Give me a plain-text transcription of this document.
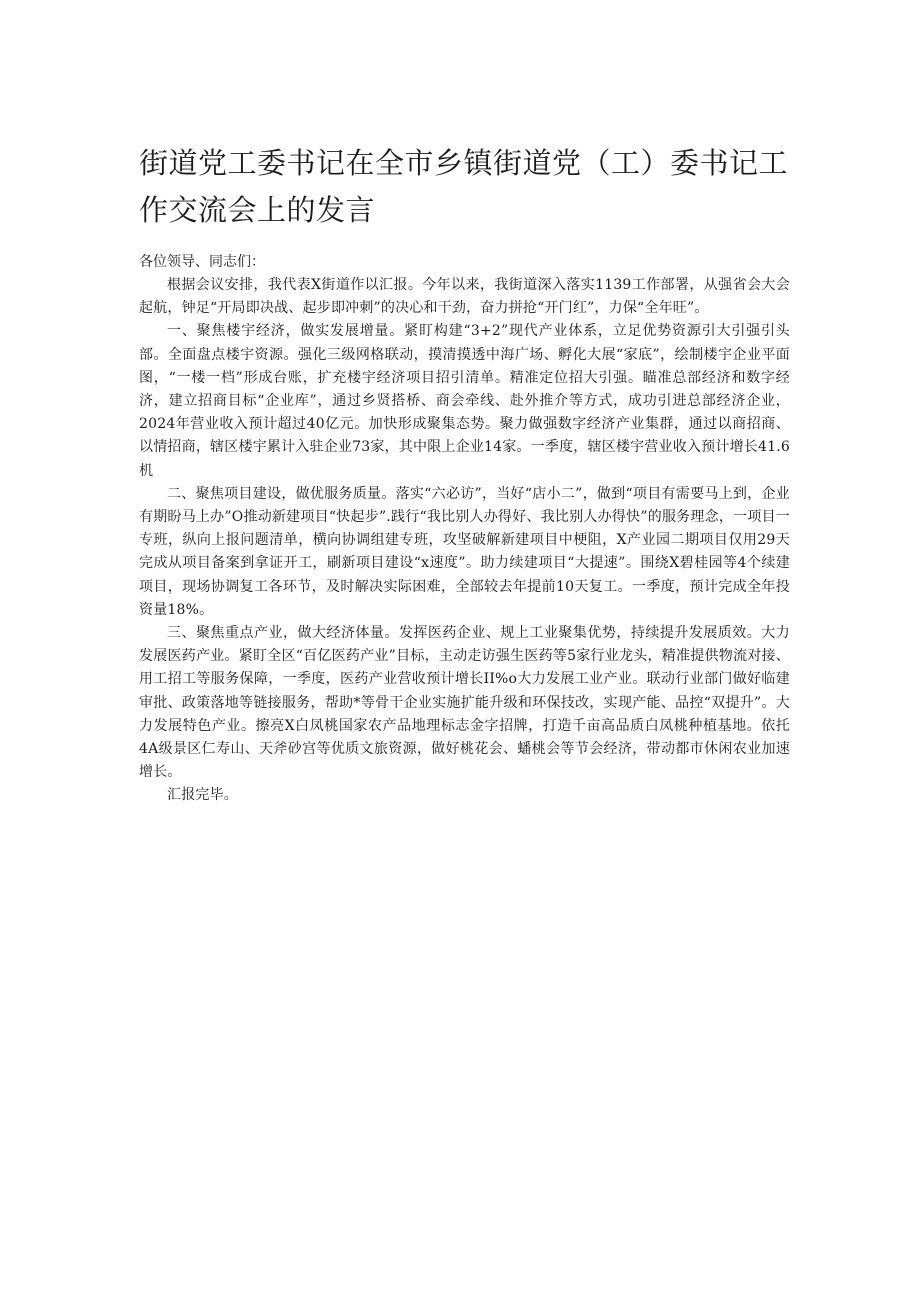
街道党工委书记在全市乡镇街道党（工）委书记工作交流会上的发言

各位领导、同志们：

根据会议安排，我代表X街道作以汇报。今年以来，我街道深入落实1139工作部署，从强省会大会起航，钟足“开局即决战、起步即冲刺”的决心和干劲，奋力拼抢“开门红”，力保“全年旺”。

一、聚焦楼宇经济，做实发展增量。紧盯构建“3+2”现代产业体系，立足优势资源引大引强引头部。全面盘点楼宇资源。强化三级网格联动，摸清摸透中海广场、孵化大展“家底”，绘制楼宇企业平面图，“一楼一档”形成台账，扩充楼宇经济项目招引清单。精准定位招大引强。瞄准总部经济和数字经济，建立招商目标“企业库”，通过乡贤搭桥、商会牵线、赴外推介等方式，成功引进总部经济企业，2024年营业收入预计超过40亿元。加快形成聚集态势。聚力做强数字经济产业集群，通过以商招商、以情招商，辖区楼宇累计入驻企业73家，其中限上企业14家。一季度，辖区楼宇营业收入预计增长41.6机

二、聚焦项目建设，做优服务质量。落实“六必访”，当好“店小二”，做到“项目有需要马上到，企业有期盼马上办”O推动新建项目“快起步”.践行“我比别人办得好、我比别人办得快”的服务理念，一项目一专班，纵向上报问题清单，横向协调组建专班，攻坚破解新建项目中梗阻，X产业园二期项目仅用29天完成从项目备案到拿证开工，刷新项目建设“x速度”。助力续建项目“大提速”。围绕X碧桂园等4个续建项目，现场协调复工各环节，及时解决实际困难，全部较去年提前10天复工。一季度，预计完成全年投资量18%。

三、聚焦重点产业，做大经济体量。发挥医药企业、规上工业聚集优势，持续提升发展质效。大力发展医药产业。紧盯全区“百亿医药产业”目标，主动走访强生医药等5家行业龙头，精准提供物流对接、用工招工等服务保障，一季度，医药产业营收预计增长II%o大力发展工业产业。联动行业部门做好临建审批、政策落地等链接服务，帮助*等骨干企业实施扩能升级和环保技改，实现产能、品控“双提升”。大力发展特色产业。擦亮X白凤桃国家农产品地理标志金字招牌，打造千亩高品质白凤桃种植基地。依托4A级景区仁寿山、天斧砂宫等优质文旅资源，做好桃花会、蟠桃会等节会经济，带动都市休闲农业加速增长。

汇报完毕。
